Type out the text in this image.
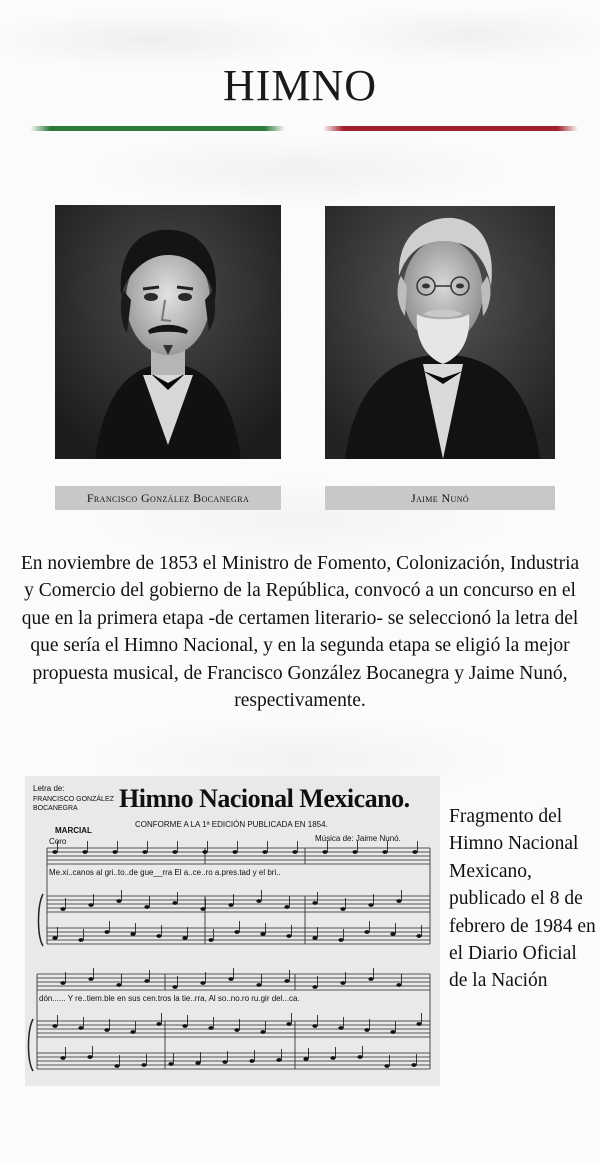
HIMNO
Francisco González Bocanegra	Jaime Nunó
En noviembre de 1853 el Ministro de Fomento, Colonización, Industria y Comercio del gobierno de la República, convocó a un concurso en el que en la primera etapa -de certamen literario- se seleccionó la letra del que sería el Himno Nacional, y en la segunda etapa se eligió la mejor propuesta musical, de Francisco González Bocanegra y Jaime Nunó, respectivamente.
Letra de:
FRANCISCO GONZÁLEZ BOCANEGRA	Himno Nacional Mexicano.
CONFORME A LA 1ª EDICIÓN PUBLICADA EN 1854.
MARCIAL
Música de: Jaime Nunó.
Coro
Me.xi..canos al gri..to..de gue__rra El a..ce..ro a.pres.tad y el bri..
dón...... Y re..tiem.ble en sus cen.tros la tie..rra, Al so..no.ro ru.gir del...ca.
Fragmento del Himno Nacional Mexicano, publicado el 8 de febrero de 1984 en el Diario Oficial de la Nación
